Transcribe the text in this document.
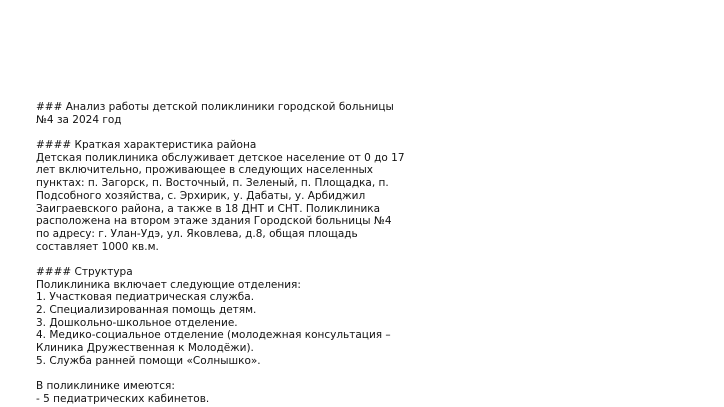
### Анализ работы детской поликлиники городской больницы
№4 за 2024 год
#### Краткая характеристика района
Детская поликлиника обслуживает детское население от 0 до 17
лет включительно, проживающее в следующих населенных
пунктах: п. Загорск, п. Восточный, п. Зеленый, п. Площадка, п.
Подсобного хозяйства, с. Эрхирик, у. Дабаты, у. Арбиджил
Заиграевского района, а также в 18 ДНТ и СНТ. Поликлиника
расположена на втором этаже здания Городской больницы №4
по адресу: г. Улан-Удэ, ул. Яковлева, д.8, общая площадь
составляет 1000 кв.м.
#### Структура
Поликлиника включает следующие отделения:
1. Участковая педиатрическая служба.
2. Специализированная помощь детям.
3. Дошкольно-школьное отделение.
4. Медико-социальное отделение (молодежная консультация –
Клиника Дружественная к Молодёжи).
5. Служба ранней помощи «Солнышко».
В поликлинике имеются:
- 5 педиатрических кабинетов.
